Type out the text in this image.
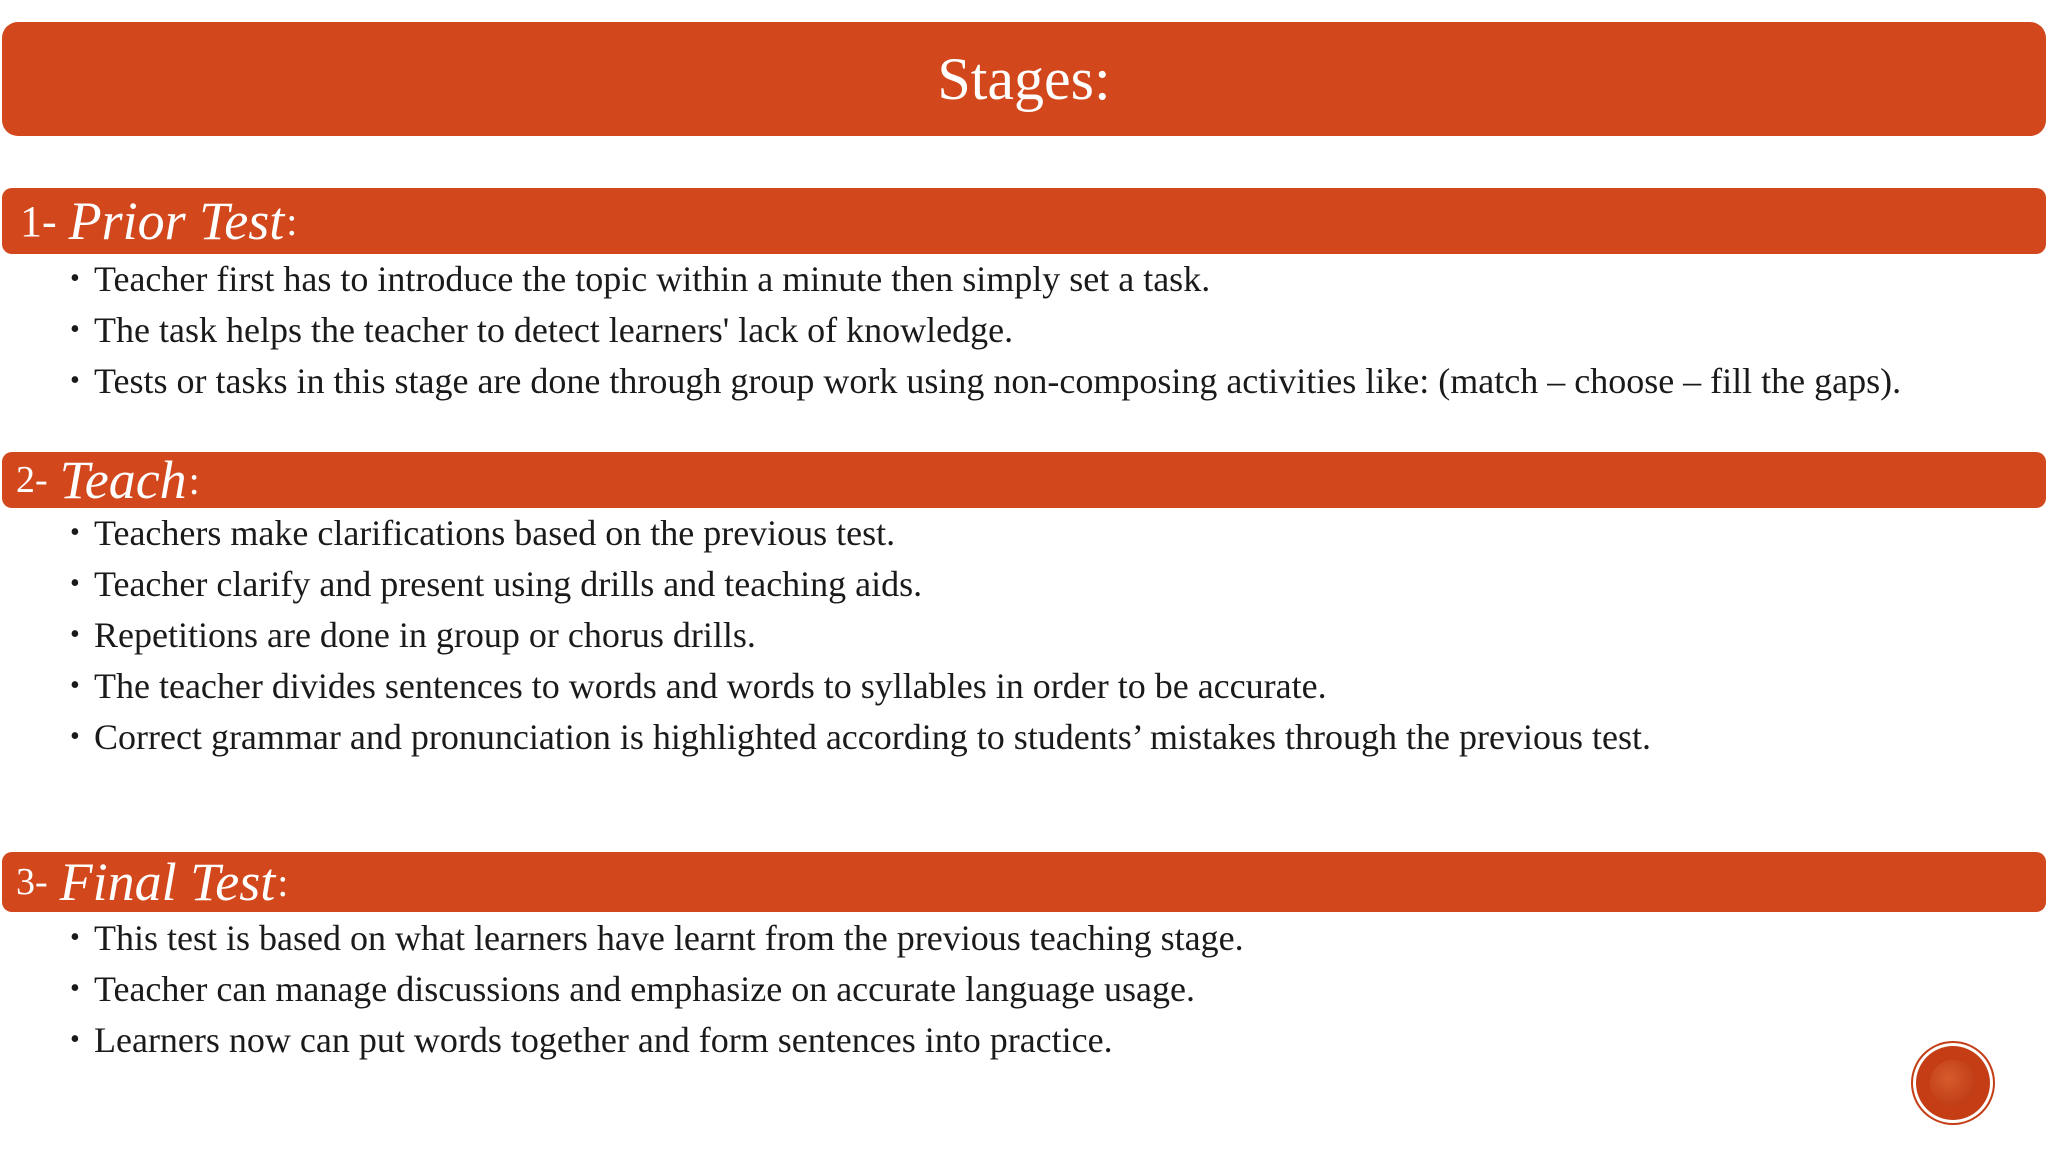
Stages:
1- Prior Test :
• Teacher first has to introduce the topic within a minute then simply set a task.
• The task helps the teacher to detect learners' lack of knowledge.
• Tests or tasks in this stage are done through group work using non-composing activities like: (match – choose – fill the gaps).
2- Teach :
• Teachers make clarifications based on the previous test.
• Teacher clarify and present using drills and teaching aids.
• Repetitions are done in group or chorus drills.
• The teacher divides sentences to words and words to syllables in order to be accurate.
• Correct grammar and pronunciation is highlighted according to students’ mistakes through the previous test.
3- Final Test :
• This test is based on what learners have learnt from the previous teaching stage.
• Teacher can manage discussions and emphasize on accurate language usage.
• Learners now can put words together and form sentences into practice.
